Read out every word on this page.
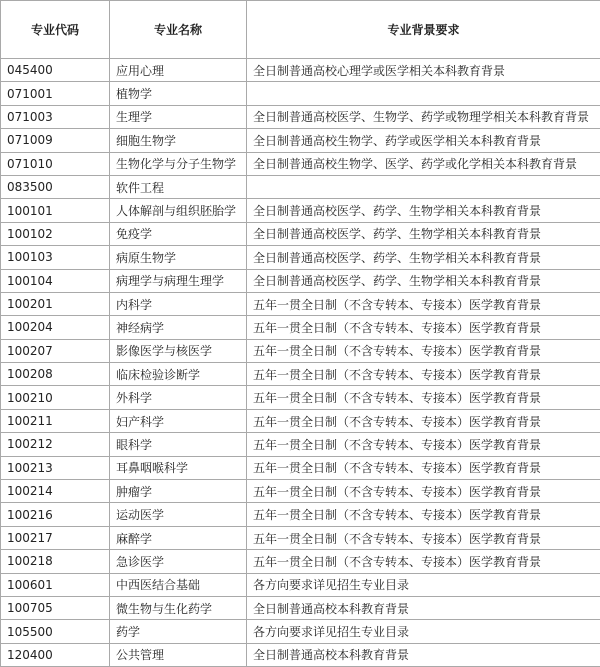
专业代码	专业名称	专业背景要求
045400	应用心理	全日制普通高校心理学或医学相关本科教育背景
071001	植物学	
071003	生理学	全日制普通高校医学、生物学、药学或物理学相关本科教育背景
071009	细胞生物学	全日制普通高校生物学、药学或医学相关本科教育背景
071010	生物化学与分子生物学	全日制普通高校生物学、医学、药学或化学相关本科教育背景
083500	软件工程	
100101	人体解剖与组织胚胎学	全日制普通高校医学、药学、生物学相关本科教育背景
100102	免疫学	全日制普通高校医学、药学、生物学相关本科教育背景
100103	病原生物学	全日制普通高校医学、药学、生物学相关本科教育背景
100104	病理学与病理生理学	全日制普通高校医学、药学、生物学相关本科教育背景
100201	内科学	五年一贯全日制（不含专转本、专接本）医学教育背景
100204	神经病学	五年一贯全日制（不含专转本、专接本）医学教育背景
100207	影像医学与核医学	五年一贯全日制（不含专转本、专接本）医学教育背景
100208	临床检验诊断学	五年一贯全日制（不含专转本、专接本）医学教育背景
100210	外科学	五年一贯全日制（不含专转本、专接本）医学教育背景
100211	妇产科学	五年一贯全日制（不含专转本、专接本）医学教育背景
100212	眼科学	五年一贯全日制（不含专转本、专接本）医学教育背景
100213	耳鼻咽喉科学	五年一贯全日制（不含专转本、专接本）医学教育背景
100214	肿瘤学	五年一贯全日制（不含专转本、专接本）医学教育背景
100216	运动医学	五年一贯全日制（不含专转本、专接本）医学教育背景
100217	麻醉学	五年一贯全日制（不含专转本、专接本）医学教育背景
100218	急诊医学	五年一贯全日制（不含专转本、专接本）医学教育背景
100601	中西医结合基础	各方向要求详见招生专业目录
100705	微生物与生化药学	全日制普通高校本科教育背景
105500	药学	各方向要求详见招生专业目录
120400	公共管理	全日制普通高校本科教育背景
